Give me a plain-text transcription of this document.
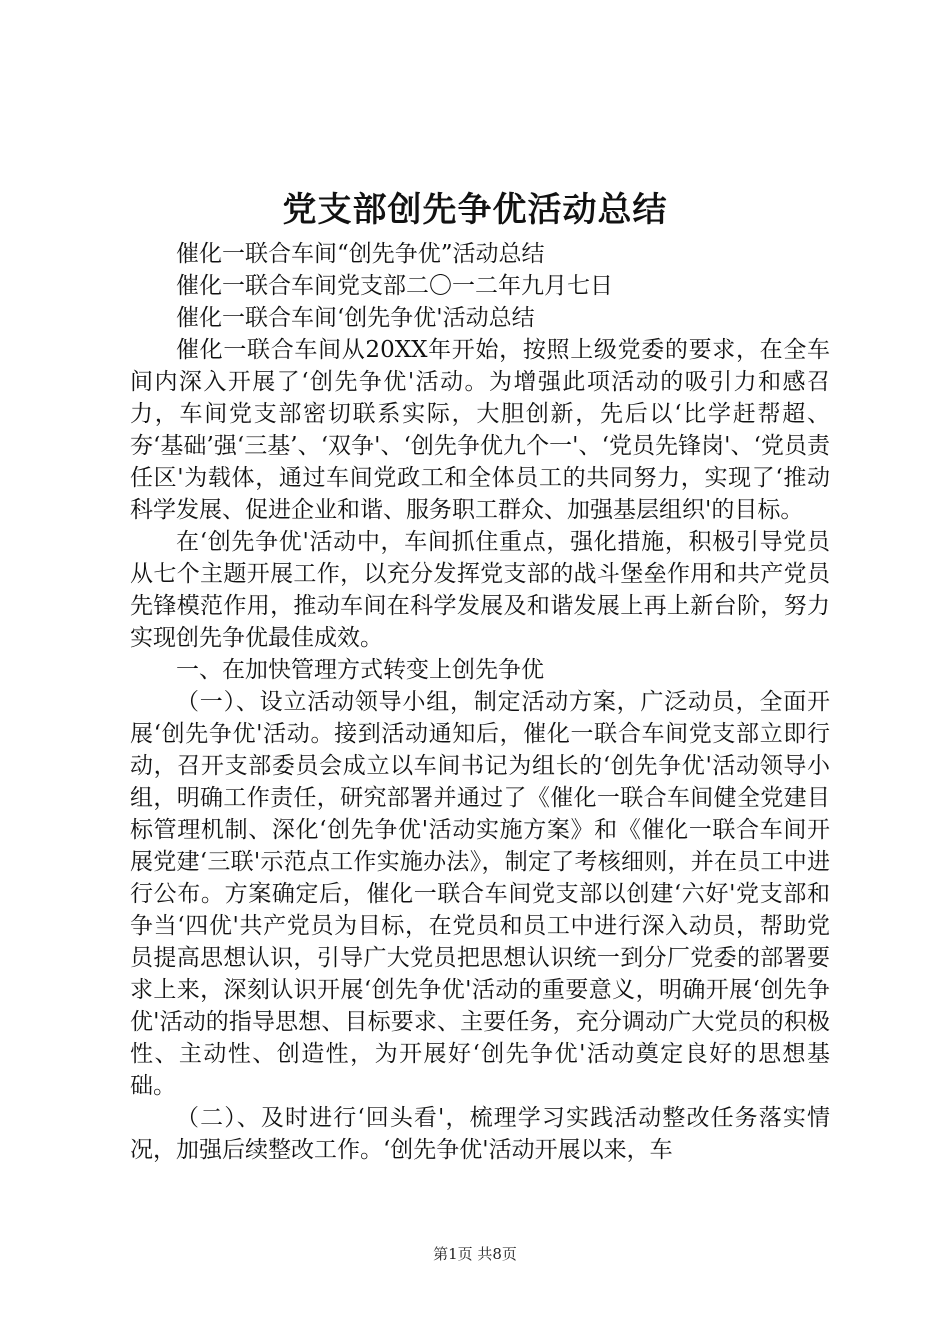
党支部创先争优活动总结

催化一联合车间“创先争优”活动总结

催化一联合车间党支部二〇一二年九月七日

催化一联合车间‘创先争优'活动总结

催化一联合车间从20XX年开始，按照上级党委的要求，在全车间内深入开展了‘创先争优'活动。为增强此项活动的吸引力和感召力，车间党支部密切联系实际，大胆创新，先后以‘比学赶帮超、夯‘基础’强‘三基’、‘双争'、‘创先争优九个一'、‘党员先锋岗'、‘党员责任区'为载体，通过车间党政工和全体员工的共同努力，实现了‘推动科学发展、促进企业和谐、服务职工群众、加强基层组织'的目标。

在‘创先争优'活动中，车间抓住重点，强化措施，积极引导党员从七个主题开展工作，以充分发挥党支部的战斗堡垒作用和共产党员先锋模范作用，推动车间在科学发展及和谐发展上再上新台阶，努力实现创先争优最佳成效。

一、在加快管理方式转变上创先争优

（一）、设立活动领导小组，制定活动方案，广泛动员，全面开展‘创先争优'活动。接到活动通知后，催化一联合车间党支部立即行动，召开支部委员会成立以车间书记为组长的‘创先争优'活动领导小组，明确工作责任，研究部署并通过了《催化一联合车间健全党建目标管理机制、深化‘创先争优'活动实施方案》和《催化一联合车间开展党建‘三联'示范点工作实施办法》，制定了考核细则，并在员工中进行公布。方案确定后，催化一联合车间党支部以创建‘六好'党支部和争当‘四优'共产党员为目标，在党员和员工中进行深入动员，帮助党员提高思想认识，引导广大党员把思想认识统一到分厂党委的部署要求上来，深刻认识开展‘创先争优'活动的重要意义，明确开展‘创先争优'活动的指导思想、目标要求、主要任务，充分调动广大党员的积极性、主动性、创造性，为开展好‘创先争优'活动奠定良好的思想基础。

（二）、及时进行‘回头看'，梳理学习实践活动整改任务落实情况，加强后续整改工作。‘创先争优'活动开展以来，车

第1页 共8页
